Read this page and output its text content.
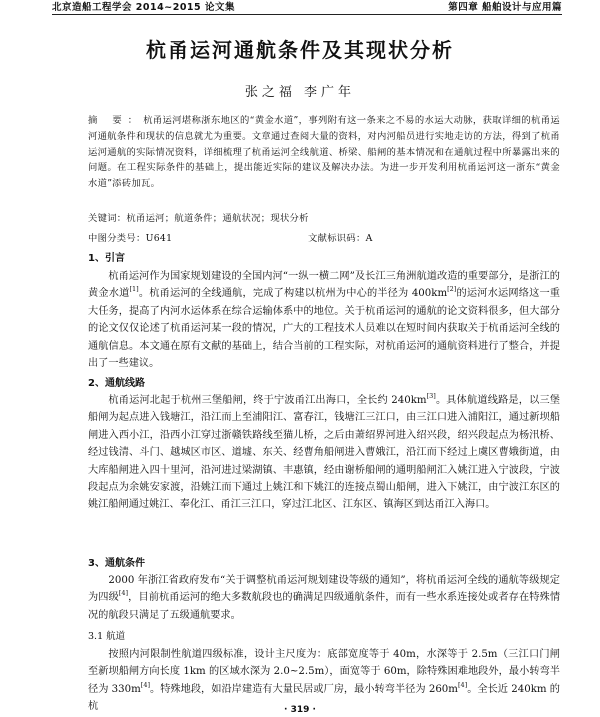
北京造船工程学会 2014~2015 论文集	第四章 船舶设计与应用篇
杭甬运河通航条件及其现状分析
张之福 李广年
摘 要：杭甬运河堪称浙东地区的“黄金水道”，事列附有这一条来之不易的水运大动脉，获取详细的杭甬运河通航条件和现状的信息就尤为重要。文章通过查阅大量的资料，对内河船员进行实地走访的方法，得到了杭甬运河通航的实际情况资料，详细梳理了杭甬运河全线航道、桥梁、船闸的基本情况和在通航过程中所暴露出来的问题。在工程实际条件的基础上，提出能近实际的建议及解决办法。为进一步开发利用杭甬运河这一浙东“黄金水道”添砖加瓦。
关键词：杭甬运河；航道条件；通航状况；现状分析
中图分类号：U641	文献标识码：A
1、引言
杭甬运河作为国家规划建设的全国内河“一纵一横二网”及长江三角洲航道改造的重要部分，是浙江的黄金水道[1]。杭甬运河的全线通航，完成了构建以杭州为中心的半径为 400km[2]的运河水运网络这一重大任务，提高了内河水运体系在综合运输体系中的地位。关于杭甬运河的通航的论文资料很多，但大部分的论文仅仅论述了杭甬运河某一段的情况，广大的工程技术人员难以在短时间内获取关于杭甬运河全线的通航信息。本文通在原有文献的基础上，结合当前的工程实际，对杭甬运河的通航资料进行了整合，并提出了一些建议。
2、通航线路
杭甬运河北起于杭州三堡船闸，终于宁波甬江出海口，全长约 240km[3]。具体航道线路是，以三堡船闸为起点进入钱塘江，沿江而上至浦阳江、富春江，钱塘江三江口，由三江口进入浦阳江，通过新坝船闸进入西小江，沿西小江穿过浙赣铁路线至猫儿桥，之后由萧绍界河进入绍兴段，绍兴段起点为杨汛桥、经过钱清、斗门、越城区市区、道墟、东关、经曹角船闸进入曹娥江，沿江而下经过上虞区曹娥街道，由大库船闸进入四十里河，沿河进过梁湖镇、丰惠镇，经由谢桥船闸的通明船闸汇入姚江进入宁波段，宁波段起点为余姚安家渡，沿姚江而下通过上姚江和下姚江的连接点蜀山船闸，进入下姚江，由宁波江东区的姚江船闸通过姚江、奉化江、甬江三江口，穿过江北区、江东区、镇海区到达甬江入海口。
3、通航条件
2000 年浙江省政府发布“关于调整杭甬运河规划建设等级的通知”，将杭甬运河全线的通航等级规定为四级[4]，目前杭甬运河的绝大多数航段也的确满足四级通航条件，而有一些水系连接处或者存在特殊情况的航段只满足了五级通航要求。
3.1 航道
按照内河限制性航道四级标准，设计主尺度为：底部宽度等于 40m，水深等于 2.5m（三江口门闸至新坝船闸方向长度 1km 的区域水深为 2.0~2.5m），面宽等于 60m，除特殊困难地段外，最小转弯半径为 330m[4]。特殊地段，如沿岸建造有大量民居或厂房，最小转弯半径为 260m[4]。全长近 240km 的杭	· 319 ·
